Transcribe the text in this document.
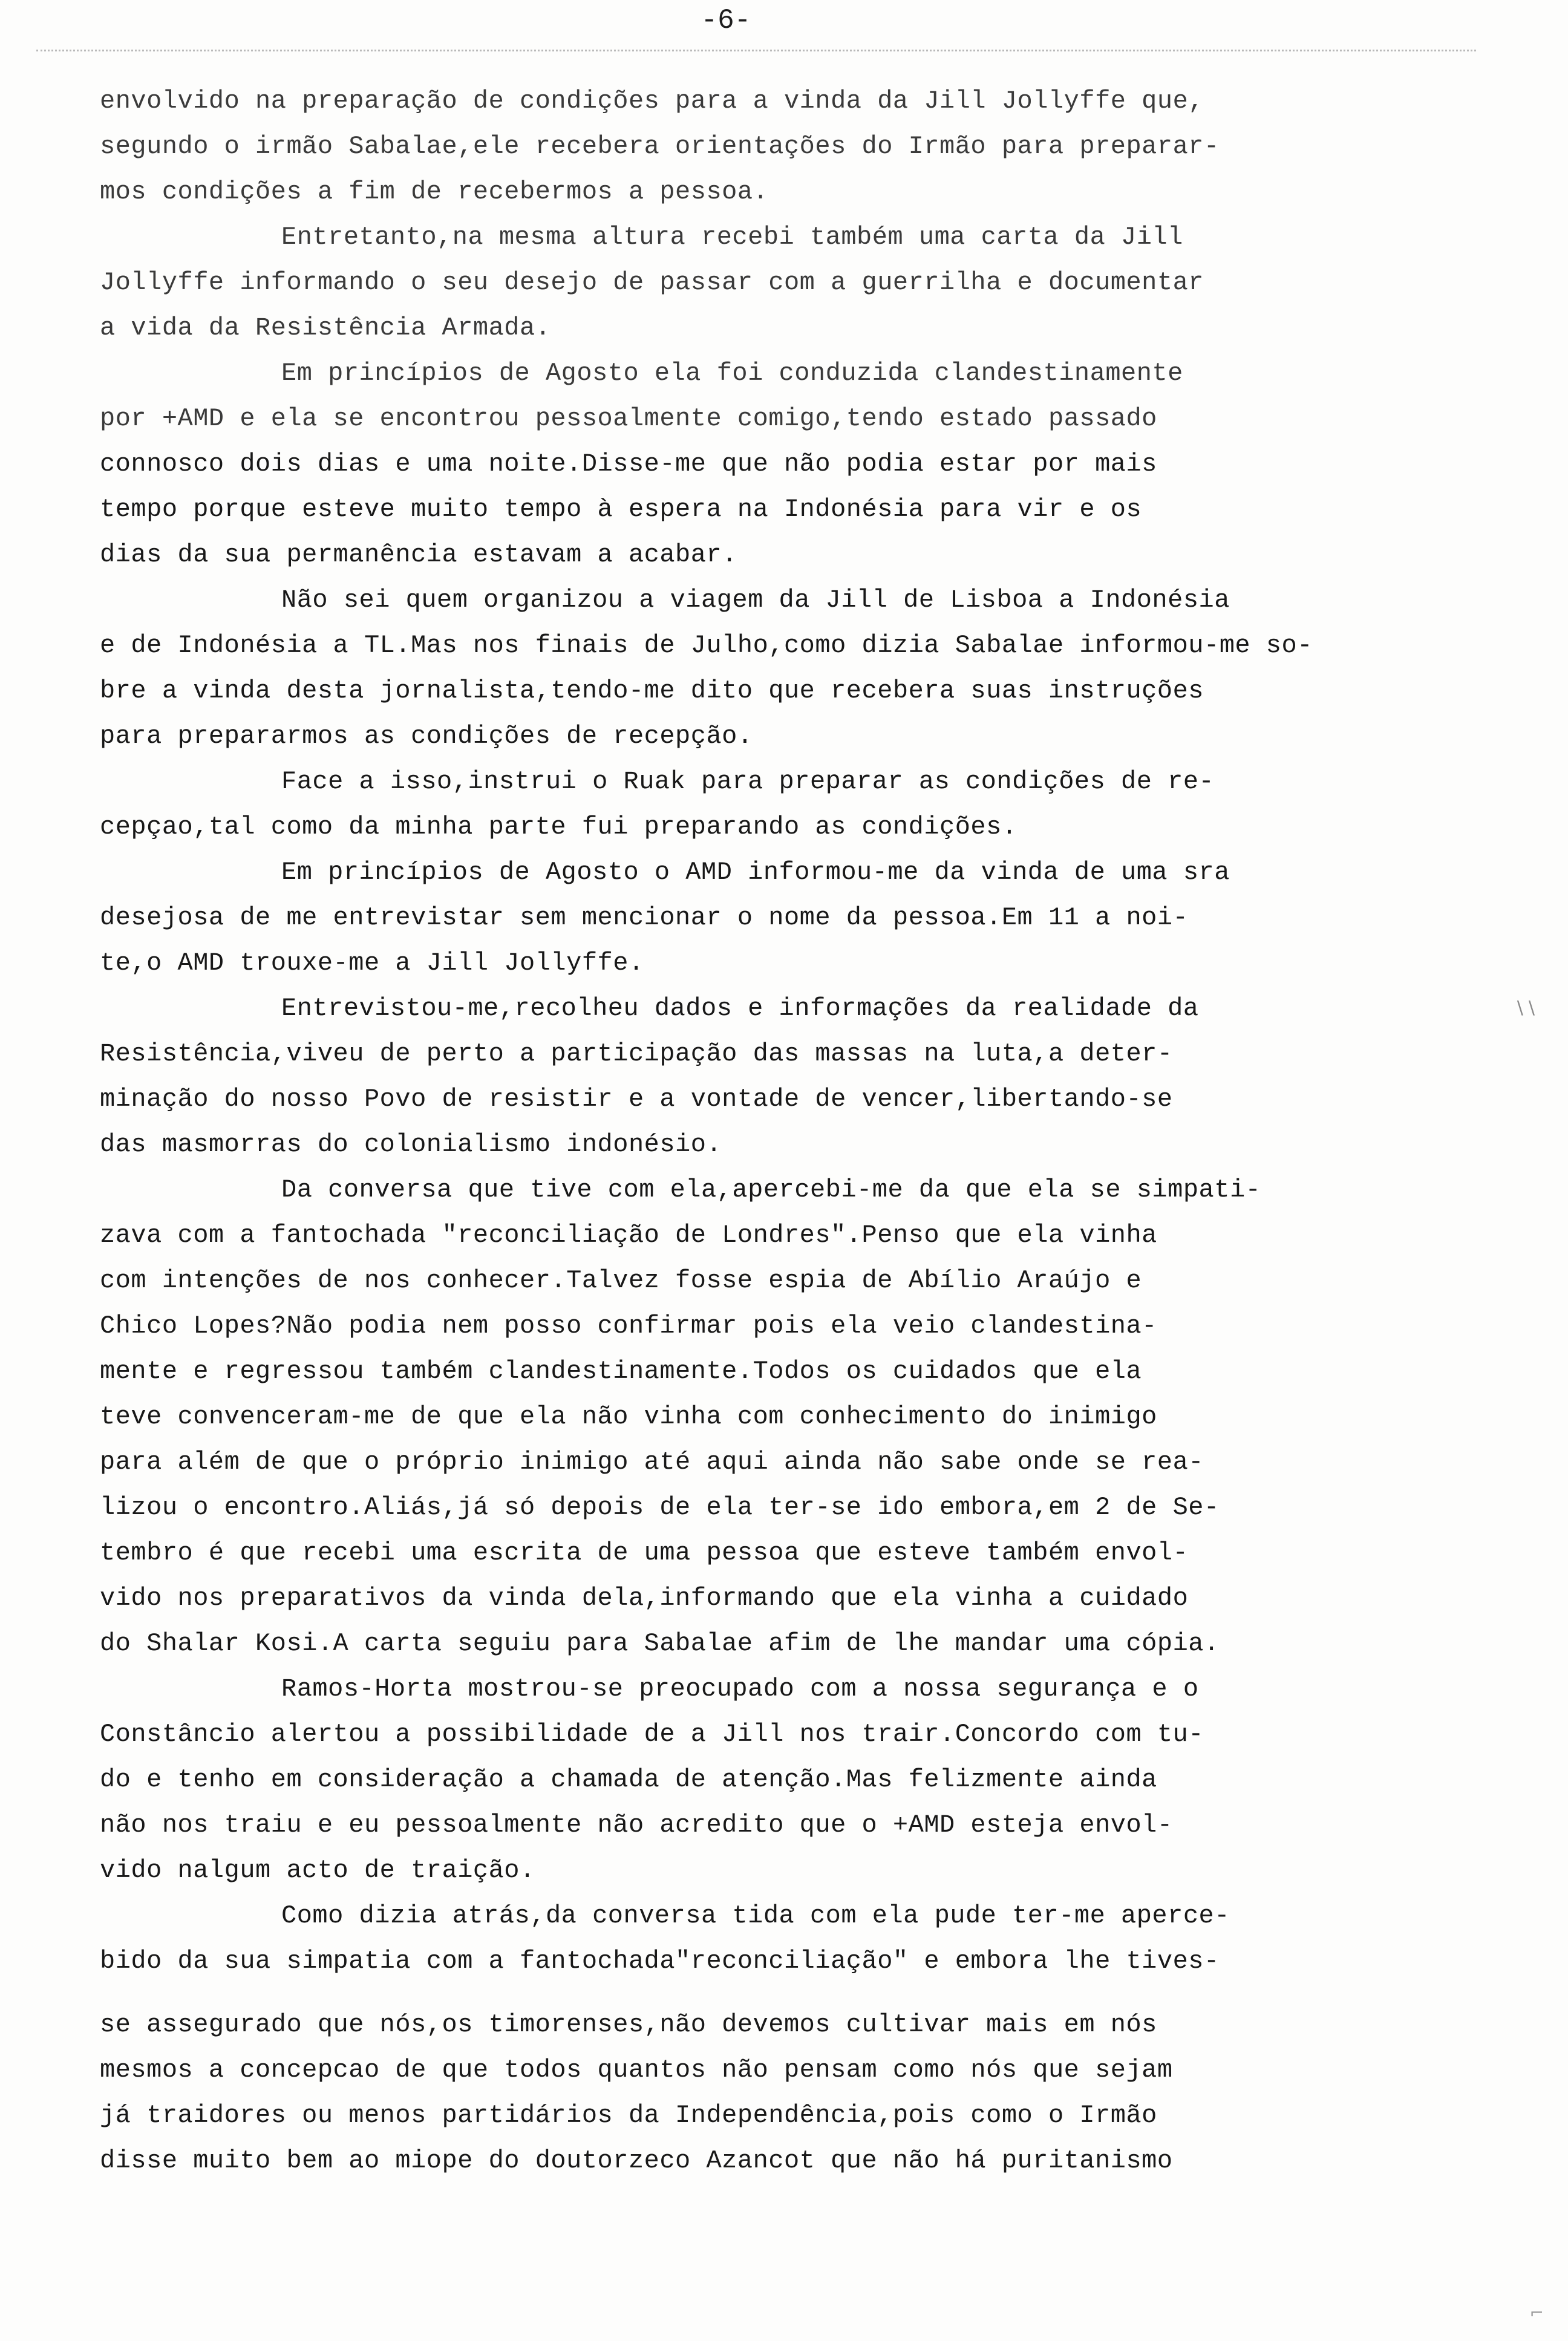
-6-
envolvido na preparação de condições para a vinda da Jill Jollyffe que,
segundo o irmão Sabalae,ele recebera orientações do Irmão para preparar-
mos condições a fim de recebermos a pessoa.
Entretanto,na mesma altura recebi também uma carta da Jill
Jollyffe informando o seu desejo de passar com a guerrilha e documentar
a vida da Resistência Armada.
Em princípios de Agosto ela foi conduzida clandestinamente
por +AMD e ela se encontrou pessoalmente comigo,tendo estado passado
connosco dois dias e uma noite.Disse-me que não podia estar por mais
tempo porque esteve muito tempo à espera na Indonésia para vir e os
dias da sua permanência estavam a acabar.
Não sei quem organizou a viagem da Jill de Lisboa a Indonésia
e de Indonésia a TL.Mas nos finais de Julho,como dizia Sabalae informou-me so-
bre a vinda desta jornalista,tendo-me dito que recebera suas instruções
para prepararmos as condições de recepção.
Face a isso,instrui o Ruak para preparar as condições de re-
cepçao,tal como da minha parte fui preparando as condições.
Em princípios de Agosto o AMD informou-me da vinda de uma sra
desejosa de me entrevistar sem mencionar o nome da pessoa.Em 11 a noi-
te,o AMD trouxe-me a Jill Jollyffe.
Entrevistou-me,recolheu dados e informações da realidade da
Resistência,viveu de perto a participação das massas na luta,a deter-
minação do nosso Povo de resistir e a vontade de vencer,libertando-se
das masmorras do colonialismo indonésio.
Da conversa que tive com ela,apercebi-me da que ela se simpati-
zava com a fantochada "reconciliação de Londres".Penso que ela vinha
com intenções de nos conhecer.Talvez fosse espia de Abílio Araújo e
Chico Lopes?Não podia nem posso confirmar pois ela veio clandestina-
mente e regressou também clandestinamente.Todos os cuidados que ela
teve convenceram-me de que ela não vinha com conhecimento do inimigo
para além de que o próprio inimigo até aqui ainda não sabe onde se rea-
lizou o encontro.Aliás,já só depois de ela ter-se ido embora,em 2 de Se-
tembro é que recebi uma escrita de uma pessoa que esteve também envol-
vido nos preparativos da vinda dela,informando que ela vinha a cuidado
do Shalar Kosi.A carta seguiu para Sabalae afim de lhe mandar uma cópia.
Ramos-Horta mostrou-se preocupado com a nossa segurança e o
Constâncio alertou a possibilidade de a Jill nos trair.Concordo com tu-
do e tenho em consideração a chamada de atenção.Mas felizmente ainda
não nos traiu e eu pessoalmente não acredito que o +AMD esteja envol-
vido nalgum acto de traição.
Como dizia atrás,da conversa tida com ela pude ter-me aperce-
bido da sua simpatia com a fantochada"reconciliação" e embora lhe tives-
se assegurado que nós,os timorenses,não devemos cultivar mais em nós
mesmos a concepcao de que todos quantos não pensam como nós que sejam
já traidores ou menos partidários da Independência,pois como o Irmão
disse muito bem ao miope do doutorzeco Azancot que não há puritanismo
∖∖
⌐
